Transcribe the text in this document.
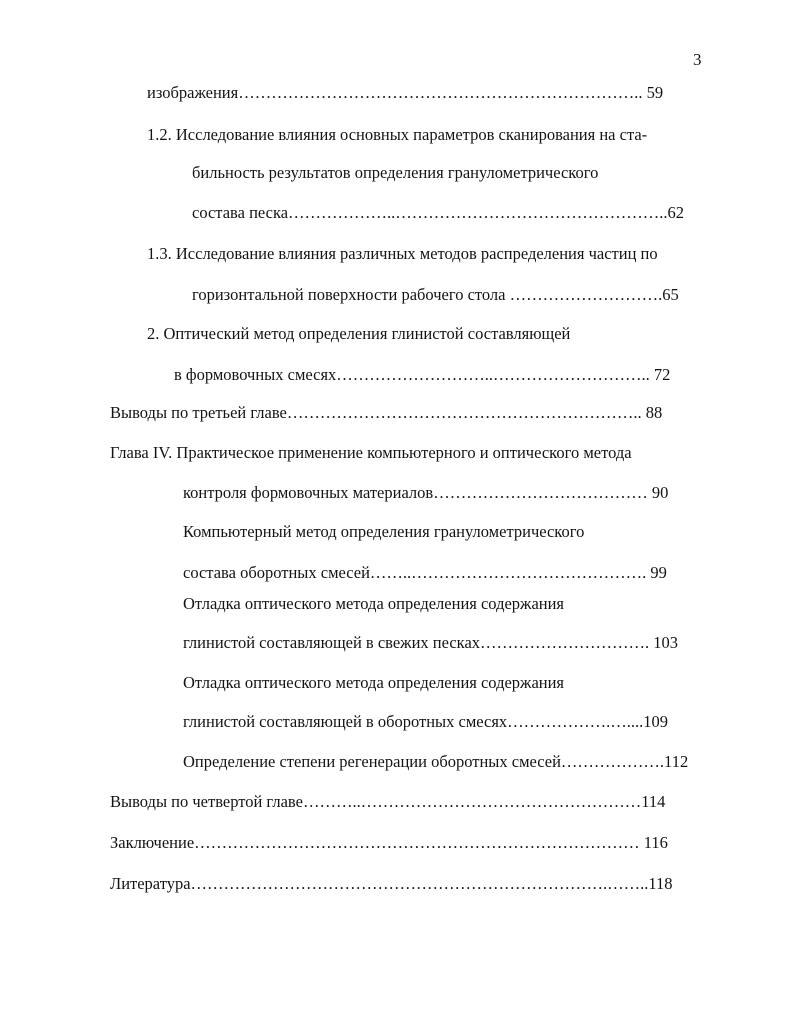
3
изображения……………………………………………………………….. 59
1.2. Исследование влияния основных параметров сканирования на ста-
бильность результатов определения гранулометрического
состава песка………………..…………………………………………..62
1.3. Исследование влияния различных методов распределения частиц по
горизонтальной поверхности рабочего стола ……………………….65
2. Оптический метод определения глинистой составляющей
в формовочных смесях………………………..……………………….. 72
Выводы по третьей главе……………………………………………………….. 88
Глава IV. Практическое применение компьютерного и оптического метода
контроля формовочных материалов………………………………… 90
Компьютерный метод определения гранулометрического
состава оборотных смесей……..……………………………………. 99
Отладка оптического метода определения содержания
глинистой составляющей в свежих песках…………………………. 103
Отладка оптического метода определения содержания
глинистой составляющей в оборотных смесях……………….…....109
Определение степени регенерации оборотных смесей……………….112
Выводы по четвертой главе………..……………………………………………114
Заключение……………………………………………………………………… 116
Литература………………………………………………………………….……..118
